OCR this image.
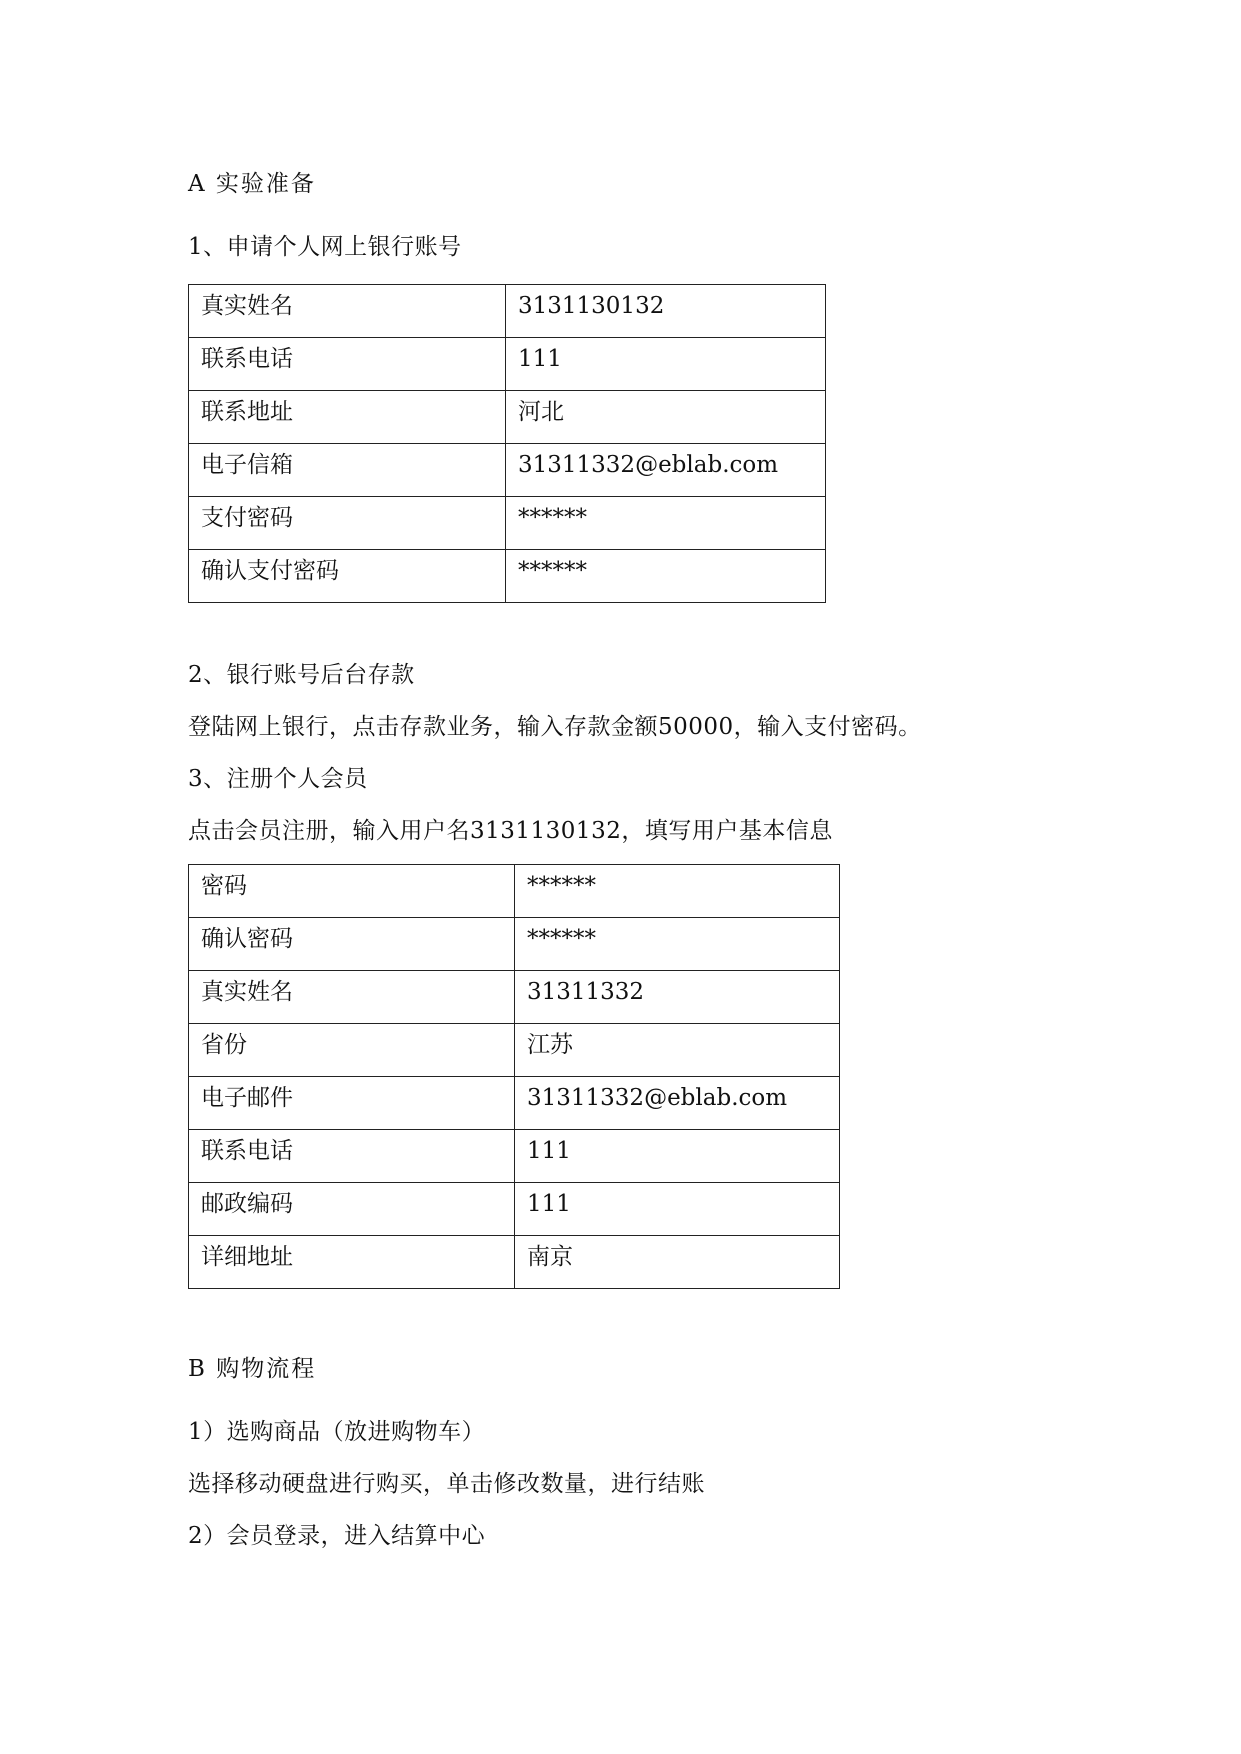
A 实验准备
1、申请个人网上银行账号
真实姓名	3131130132
联系电话	111
联系地址	河北
电子信箱	31311332@eblab.com
支付密码	******
确认支付密码	******
2、银行账号后台存款
登陆网上银行，点击存款业务，输入存款金额50000，输入支付密码。
3、注册个人会员
点击会员注册，输入用户名3131130132，填写用户基本信息
密码	******
确认密码	******
真实姓名	31311332
省份	江苏
电子邮件	31311332@eblab.com
联系电话	111
邮政编码	111
详细地址	南京
B 购物流程
1）选购商品（放进购物车）
选择移动硬盘进行购买，单击修改数量，进行结账
2）会员登录，进入结算中心
